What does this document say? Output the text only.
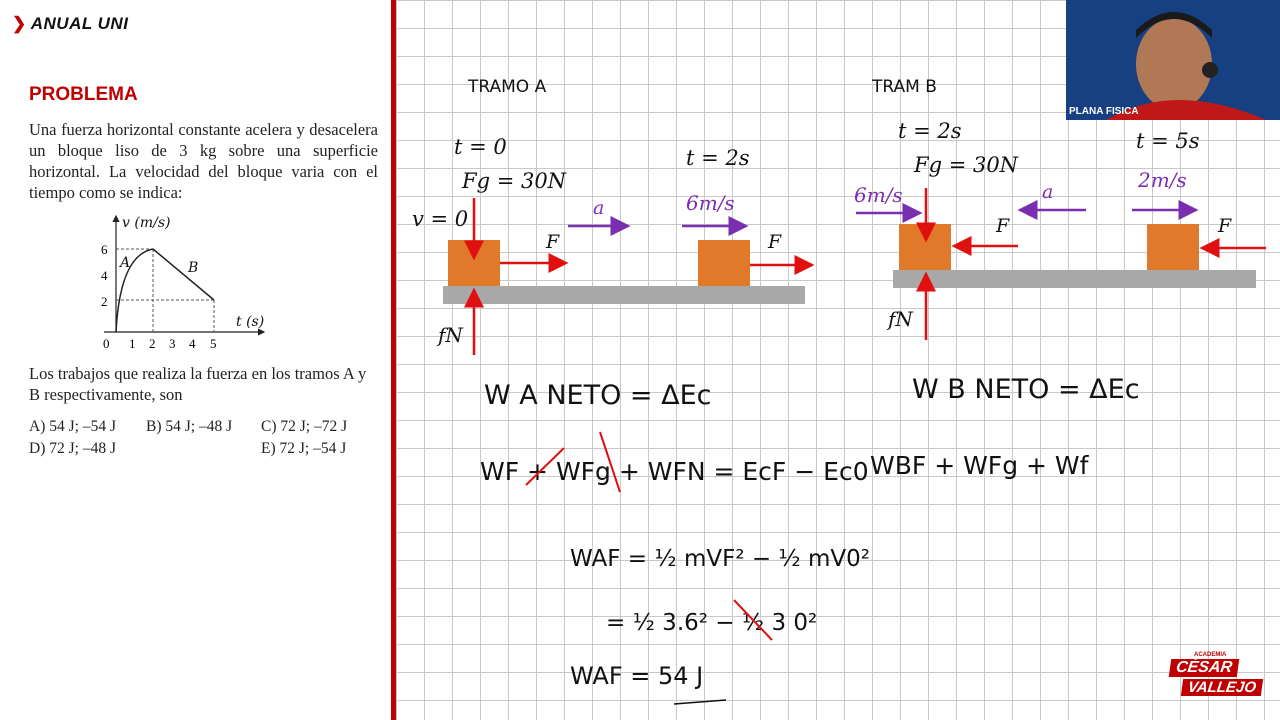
❯ ANUAL UNI
PROBLEMA
Una fuerza horizontal constante acelera y desacelera un bloque liso de 3 kg sobre una superficie horizontal. La velocidad del bloque varia con el tiempo como se indica:
v (m/s)
t (s)
6
4
2
0 1 2 3 4 5
A	B
Los trabajos que realiza la fuerza en los tramos A y B respectivamente, son
A) 54 J; –54 J B) 54 J; –48 J C) 72 J; –72 J
D) 72 J; –48 J	E) 72 J; –54 J
TRAMO A
t = 0
Fg = 30N
v = 0	a
t = 2s
6m/s
F	F
fN
TRAM B
t = 2s
Fg = 30N
6m/s	a
t = 5s
2m/s
F	F
fN
W A NETO = ΔEc
WF + WFg + WFN = EcF − Ec0
WAF = ½ mVF² − ½ mV0²
= ½ 3.6² − ½ 3 0²
WAF = 54 J
W B NETO = ΔEc
WBF + WFg + Wf
PLANA FISICA
ACADEMIA
CÉSAR
VALLEJO
